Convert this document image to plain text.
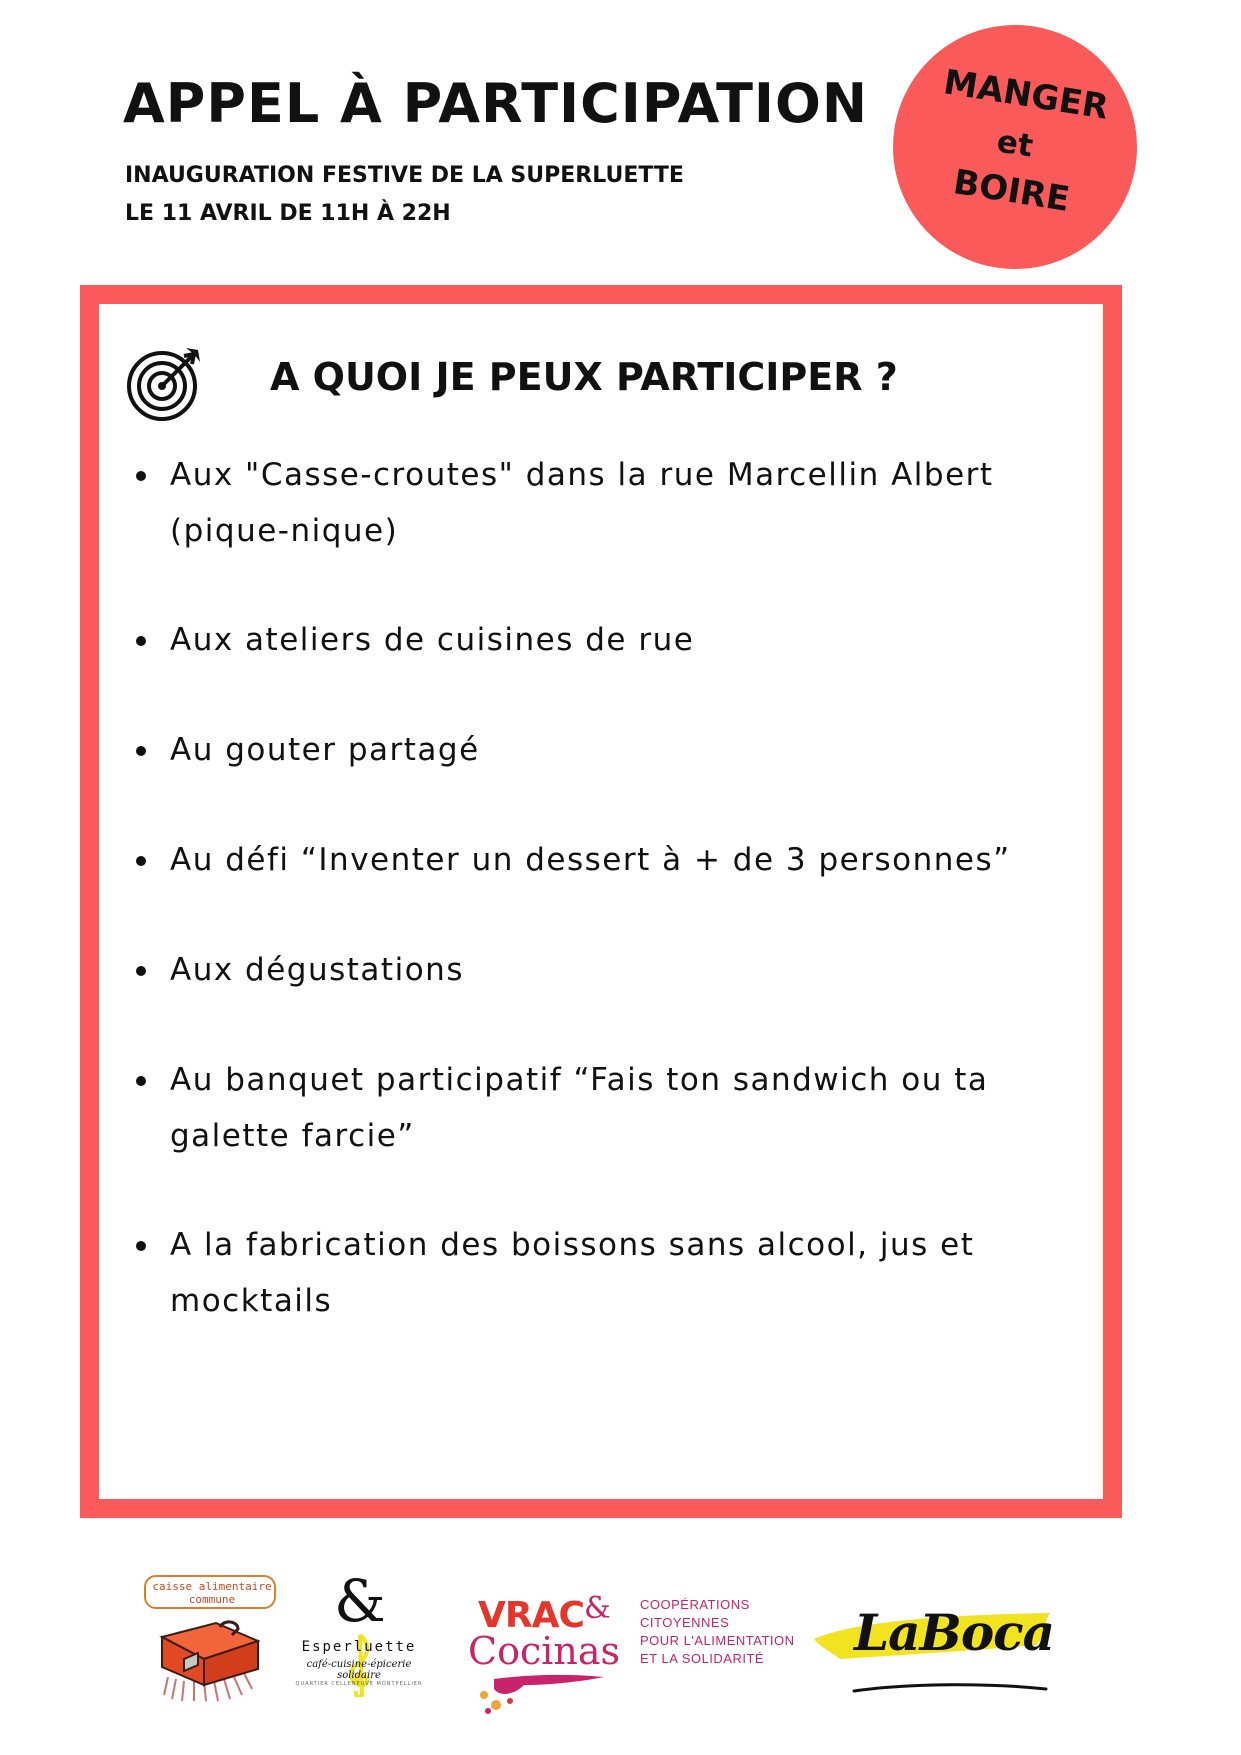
APPEL À PARTICIPATION
INAUGURATION FESTIVE DE LA SUPERLUETTE
LE 11 AVRIL DE 11H À 22H
MANGER
et
BOIRE
A QUOI JE PEUX PARTICIPER ?
Aux "Casse-croutes" dans la rue Marcellin Albert (pique-nique)
Aux ateliers de cuisines de rue
Au gouter partagé
Au défi “Inventer un dessert à + de 3 personnes”
Aux dégustations
Au banquet participatif “Fais ton sandwich ou ta galette farcie”
A la fabrication des boissons sans alcool, jus et mocktails
caisse alimentaire
commune	&
Esperluette
café-cuisine-épicerie solidaire
QUARTIER CELLENEUVE MONTPELLIER
VRAC &
Cocinas
COOPÉRATIONS
CITOYENNES
POUR L'ALIMENTATION
ET LA SOLIDARITÉ LaBoca
